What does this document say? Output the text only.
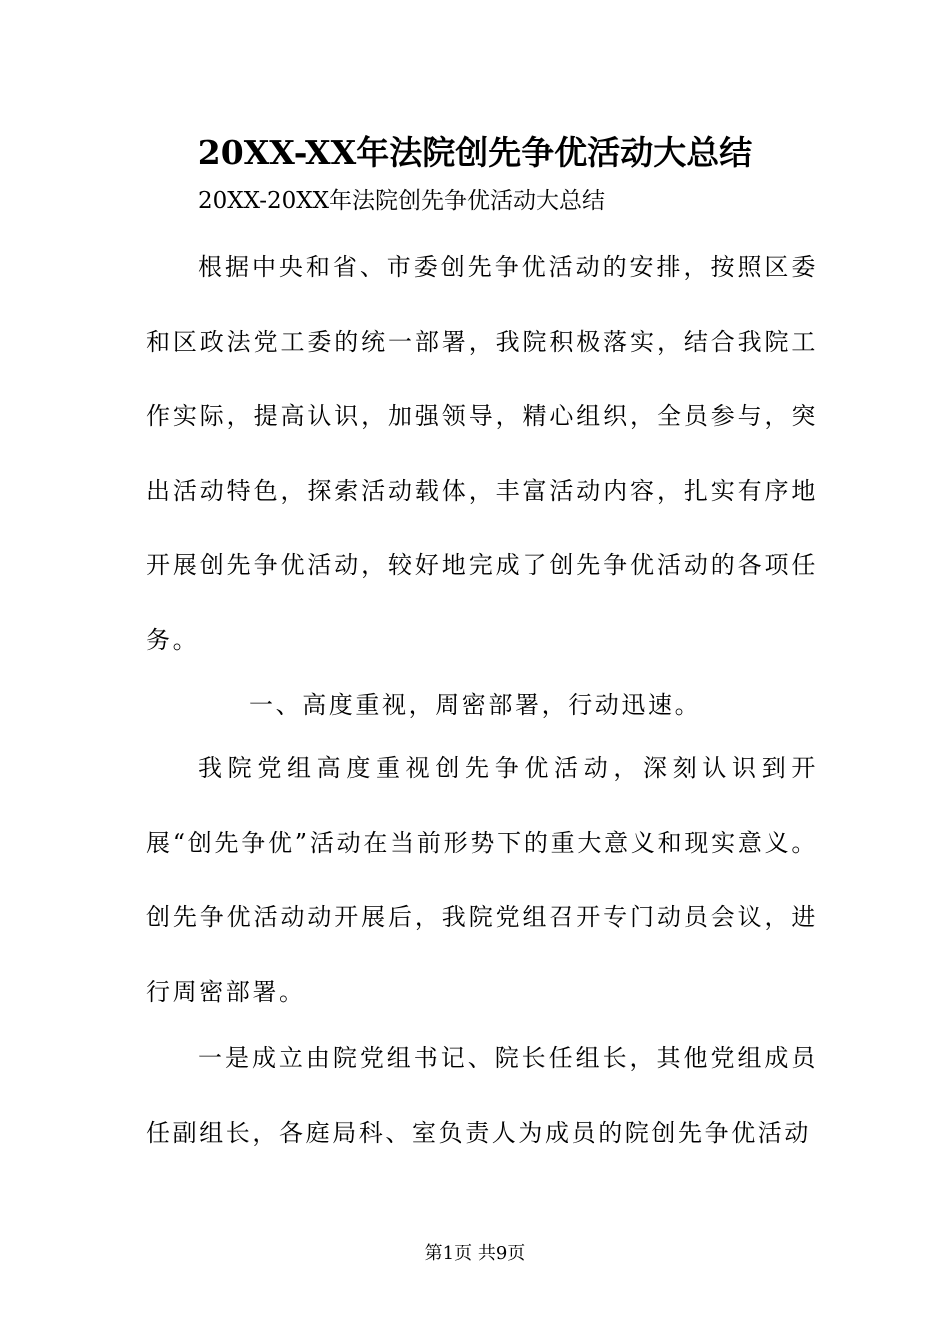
20XX-XX年法院创先争优活动大总结
20XX-20XX年法院创先争优活动大总结

根据中央和省、市委创先争优活动的安排，按照区委和区政法党工委的统一部署，我院积极落实，结合我院工作实际，提高认识，加强领导，精心组织，全员参与，突出活动特色，探索活动载体，丰富活动内容，扎实有序地开展创先争优活动，较好地完成了创先争优活动的各项任务。

一、高度重视，周密部署，行动迅速。

我院党组高度重视创先争优活动，深刻认识到开展“创先争优”活动在当前形势下的重大意义和现实意义。创先争优活动动开展后，我院党组召开专门动员会议，进行周密部署。

一是成立由院党组书记、院长任组长，其他党组成员任副组长，各庭局科、室负责人为成员的院创先争优活动

第1页 共9页
